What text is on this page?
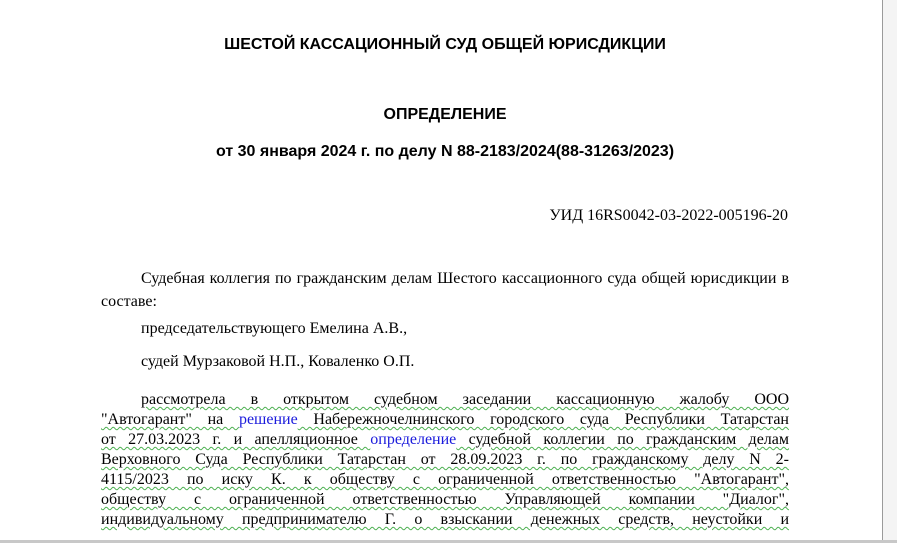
ШЕСТОЙ КАССАЦИОННЫЙ СУД ОБЩЕЙ ЮРИСДИКЦИИ
ОПРЕДЕЛЕНИЕ
от 30 января 2024 г. по делу N 88-2183/2024(88-31263/2023)
УИД 16RS0042-03-2022-005196-20
Судебная коллегия по гражданским делам Шестого кассационного суда общей юрисдикции в составе:
председательствующего Емелина А.В.,
судей Мурзаковой Н.П., Коваленко О.П.
рассмотрела в открытом судебном заседании кассационную жалобу ООО
"Автогарант" на решение Набережночелнинского городского суда Республики Татарстан
от 27.03.2023 г. и апелляционное определение судебной коллегии по гражданским делам
Верховного Суда Республики Татарстан от 28.09.2023 г. по гражданскому делу N 2-
4115/2023 по иску К. к обществу с ограниченной ответственностью "Автогарант",
обществу с ограниченной ответственностью Управляющей компании "Диалог",
индивидуальному предпринимателю Г. о взыскании денежных средств, неустойки и
